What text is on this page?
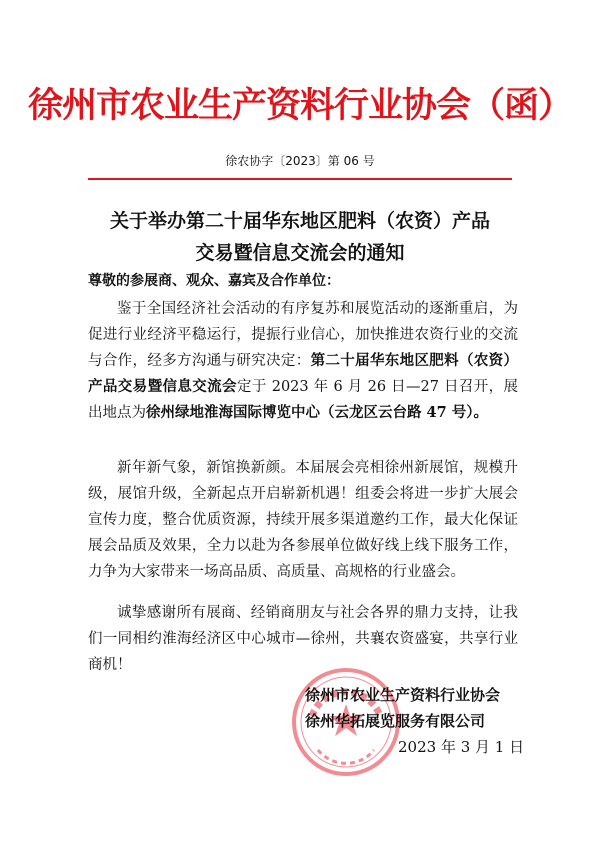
徐州市农业生产资料行业协会（函）
徐农协字〔2023〕第 06 号
关于举办第二十届华东地区肥料（农资）产品
交易暨信息交流会的通知
尊敬的参展商、观众、嘉宾及合作单位：
鉴于全国经济社会活动的有序复苏和展览活动的逐渐重启，为促进行业经济平稳运行，提振行业信心，加快推进农资行业的交流与合作，经多方沟通与研究决定：第二十届华东地区肥料（农资）产品交易暨信息交流会定于 2023 年 6 月 26 日—27 日召开，展出地点为徐州绿地淮海国际博览中心（云龙区云台路 47 号）。
新年新气象，新馆换新颜。本届展会亮相徐州新展馆，规模升级，展馆升级，全新起点开启崭新机遇！组委会将进一步扩大展会宣传力度，整合优质资源，持续开展多渠道邀约工作，最大化保证展会品质及效果，全力以赴为各参展单位做好线上线下服务工作，力争为大家带来一场高品质、高质量、高规格的行业盛会。
诚挚感谢所有展商、经销商朋友与社会各界的鼎力支持，让我们一同相约淮海经济区中心城市—徐州，共襄农资盛宴，共享行业商机！
徐州市农业生产资料行业协会
徐州华拓展览服务有限公司
2023 年 3 月 1 日
